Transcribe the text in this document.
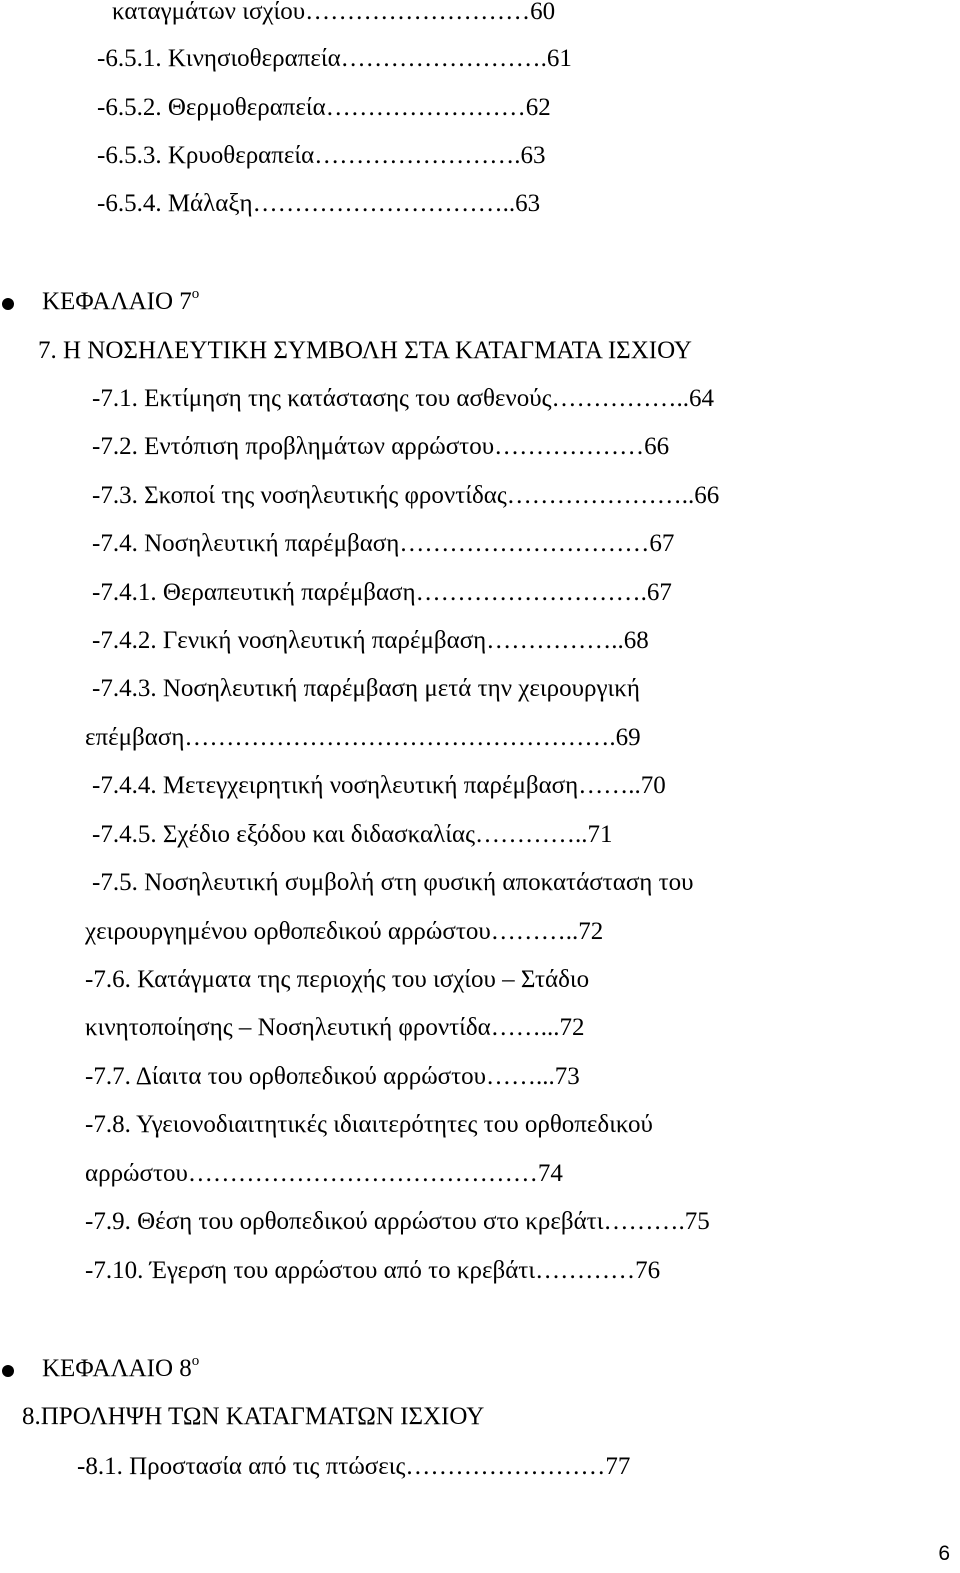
καταγμάτων ισχίου………………………60
-6.5.1. Κινησιοθεραπεία…………………….61
-6.5.2. Θερμοθεραπεία……………………62
-6.5.3. Κρυοθεραπεία…………………….63
-6.5.4. Μάλαξη…………………………..63
ΚΕΦΑΛΑΙΟ $7^o$
7. Η ΝΟΣΗΛΕΥΤΙΚΗ ΣΥΜΒΟΛΗ ΣΤΑ ΚΑΤΑΓΜΑΤΑ ΙΣΧΙΟΥ
-7.1. Εκτίμηση της κατάστασης του ασθενούς……………..64
-7.2. Εντόπιση προβλημάτων αρρώστου………………66
-7.3. Σκοποί της νοσηλευτικής φροντίδας…………………..66
-7.4. Νοσηλευτική παρέμβαση…………………………67
-7.4.1. Θεραπευτική παρέμβαση……………………….67
-7.4.2. Γενική νοσηλευτική παρέμβαση……………..68
-7.4.3. Νοσηλευτική παρέμβαση μετά την χειρουργική
επέμβαση…………………………………………….69
-7.4.4. Μετεγχειρητική νοσηλευτική παρέμβαση……..70
-7.4.5. Σχέδιο εξόδου και διδασκαλίας…………..71
-7.5. Νοσηλευτική συμβολή στη φυσική αποκατάσταση του
χειρουργημένου ορθοπεδικού αρρώστου………..72
-7.6. Κατάγματα της περιοχής του ισχίου – Στάδιο
κινητοποίησης – Νοσηλευτική φροντίδα……...72
-7.7. Δίαιτα του ορθοπεδικού αρρώστου……...73
-7.8. Υγειονοδιαιτητικές ιδιαιτερότητες του ορθοπεδικού
αρρώστου……………………………………74
-7.9. Θέση του ορθοπεδικού αρρώστου στο κρεβάτι……….75
-7.10. Έγερση του αρρώστου από το κρεβάτι…………76
ΚΕΦΑΛΑΙΟ $8^o$
8.ΠΡΟΛΗΨΗ ΤΩΝ ΚΑΤΑΓΜΑΤΩΝ ΙΣΧΙΟΥ
-8.1. Προστασία από τις πτώσεις……………………77
6
